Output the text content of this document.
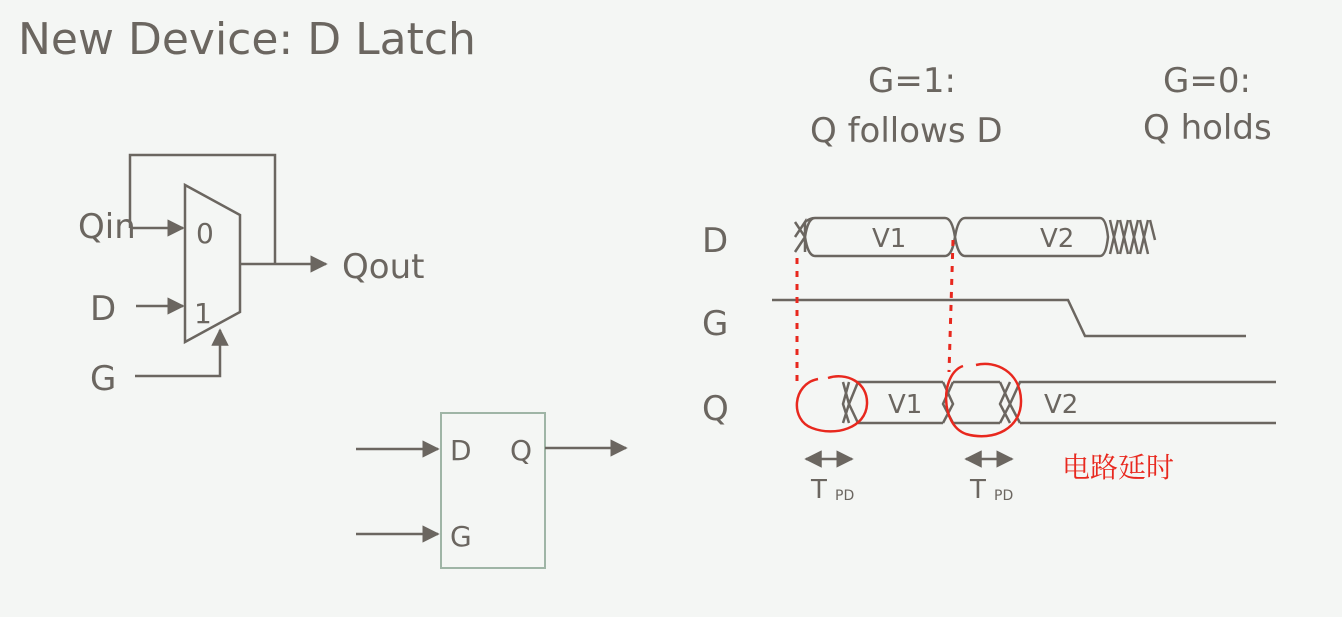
New Device: D Latch
0
1
Qin
D
G
Qout
D Q
G
G=1:
Q follows D
G=0:
Q holds
D
G
Q
V1	V2
V1	V2
T PD	T PD
电路延时
